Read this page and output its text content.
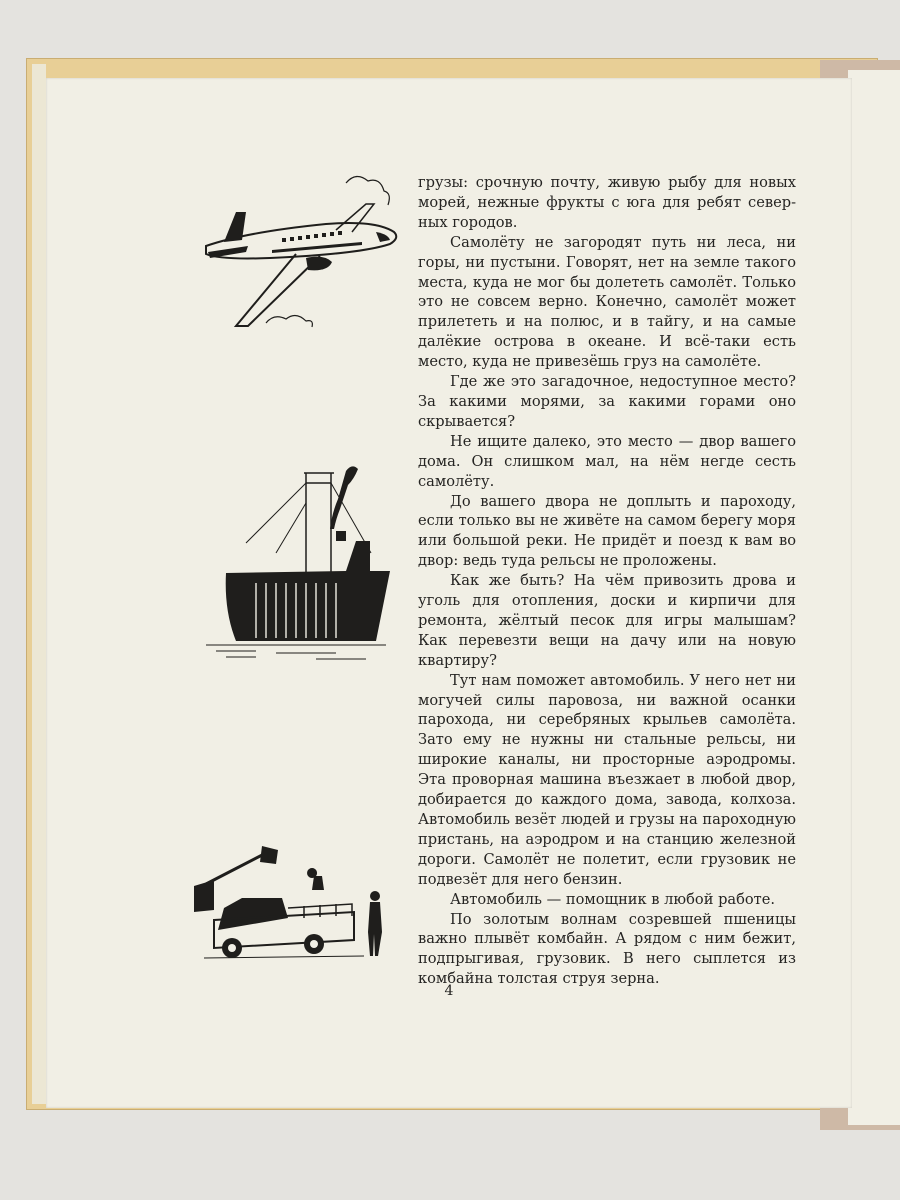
грузы: срочную почту, живую рыбу для новых морей, нежные фрукты с юга для ребят северных городов.

Самолёту не загородят путь ни леса, ни горы, ни пустыни. Говорят, нет на земле такого места, куда не мог бы долететь самолёт. Только это не совсем верно. Конечно, самолёт может прилететь и на полюс, и в тайгу, и на самые далёкие острова в океане. И всё-таки есть место, куда не привезёшь груз на самолёте.

Где же это загадочное, недоступное место? За какими морями, за какими горами оно скрывается?

Не ищите далеко, это место — двор вашего дома. Он слишком мал, на нём негде сесть самолёту.

До вашего двора не доплыть и пароходу, если только вы не живёте на самом берегу моря или большой реки. Не придёт и поезд к вам во двор: ведь туда рельсы не проложены.

Как же быть? На чём привозить дрова и уголь для отопления, доски и кирпичи для ремонта, жёлтый песок для игры малышам? Как перевезти вещи на дачу или на новую квартиру?

Тут нам поможет автомобиль. У него нет ни могучей силы паровоза, ни важной осанки парохода, ни серебряных крыльев самолёта. Зато ему не нужны ни стальные рельсы, ни широкие каналы, ни просторные аэродромы. Эта проворная машина въезжает в любой двор, добирается до каждого дома, завода, колхоза. Автомобиль везёт людей и грузы на пароходную пристань, на аэродром и на станцию железной дороги. Самолёт не полетит, если грузовик не подвезёт для него бензин.

Автомобиль — помощник в любой работе.

По золотым волнам созревшей пшеницы важно плывёт комбайн. А рядом с ним бежит, подпрыгивая, грузовик. В него сыплется из комбайна толстая струя зерна.

4
